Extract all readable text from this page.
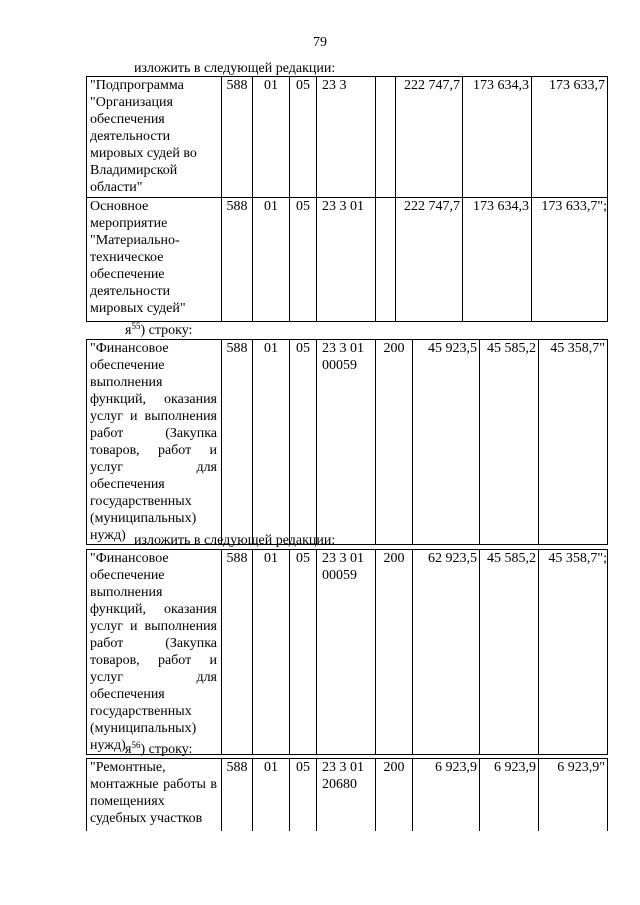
79
изложить в следующей редакции:
"Подпрограмма "Организация обеспечения деятельности мировых судей во Владимирской области"	588	01	05	23 3		222 747,7	173 634,3	173 633,7
Основное мероприятие "Материально-техническое обеспечение деятельности мировых судей"	588	01	05	23 3 01		222 747,7	173 634,3	173 633,7";
$я^{55}$) строку:
"Финансовое обеспечение выполнения функций, оказания услуг и выполнения работ (Закупка товаров, работ и услуг для обеспечения государственных (муниципальных) нужд)	588	01	05	23 3 01 00059	200	45 923,5	45 585,2	45 358,7"
изложить в следующей редакции:
"Финансовое обеспечение выполнения функций, оказания услуг и выполнения работ (Закупка товаров, работ и услуг для обеспечения государственных (муниципальных) нужд)	588	01	05	23 3 01 00059	200	62 923,5	45 585,2	45 358,7";
$я^{56}$) строку:
"Ремонтные, монтажные работы в помещениях судебных участков	588	01	05	23 3 01 20680	200	6 923,9	6 923,9	6 923,9"
